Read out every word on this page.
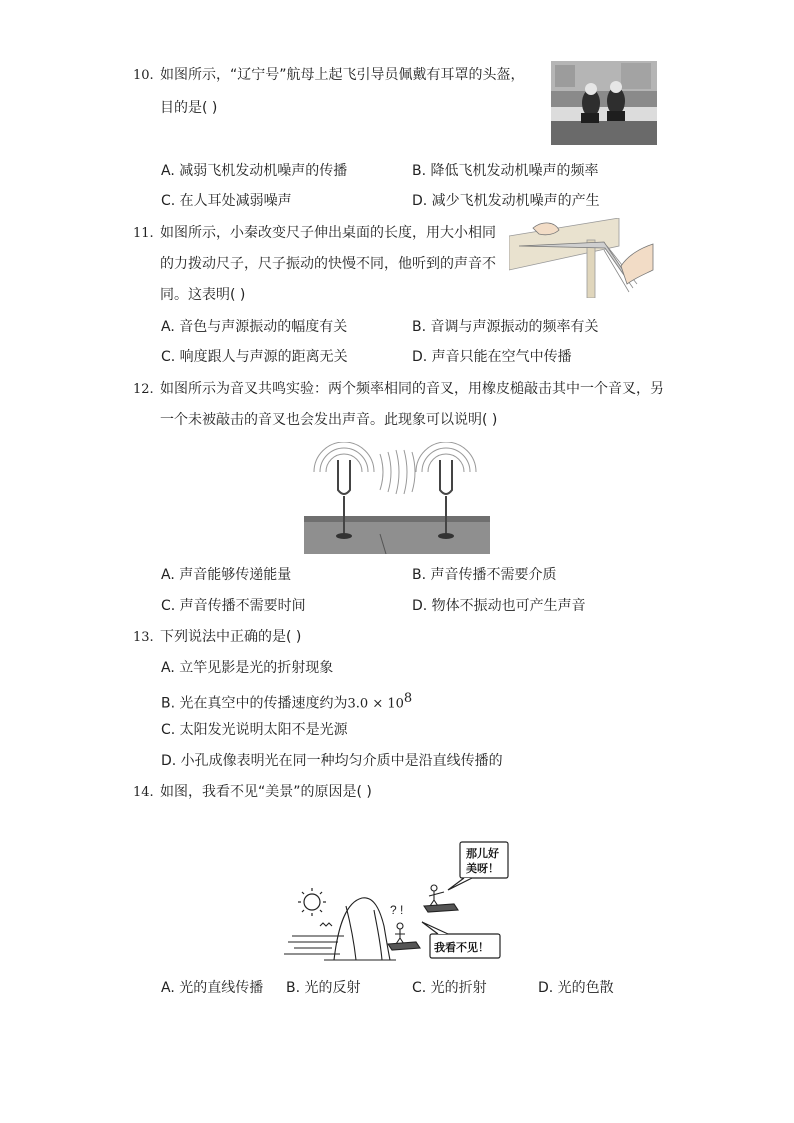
10. 如图所示，“辽宁号”航母上起飞引导员佩戴有耳罩的头盔，
目的是( )
A. 减弱飞机发动机噪声的传播	B. 降低飞机发动机噪声的频率
C. 在人耳处减弱噪声	D. 减少飞机发动机噪声的产生
11. 如图所示，小秦改变尺子伸出桌面的长度，用大小相同
的力拨动尺子，尺子振动的快慢不同，他听到的声音不
同。这表明( )
A. 音色与声源振动的幅度有关	B. 音调与声源振动的频率有关
C. 响度跟人与声源的距离无关	D. 声音只能在空气中传播
12. 如图所示为音叉共鸣实验：两个频率相同的音叉，用橡皮槌敲击其中一个音叉，另
一个未被敲击的音叉也会发出声音。此现象可以说明( )
A. 声音能够传递能量	B. 声音传播不需要介质
C. 声音传播不需要时间	D. 物体不振动也可产生声音
13. 下列说法中正确的是( )
A. 立竿见影是光的折射现象
B. 光在真空中的传播速度约为$3.0 \times 10^8$
C. 太阳发光说明太阳不是光源
D. 小孔成像表明光在同一种均匀介质中是沿直线传播的
14. 如图，我看不见“美景”的原因是( )
? !
那儿好
美呀！
我看不见！
A. 光的直线传播 B. 光的反射	C. 光的折射	D. 光的色散
